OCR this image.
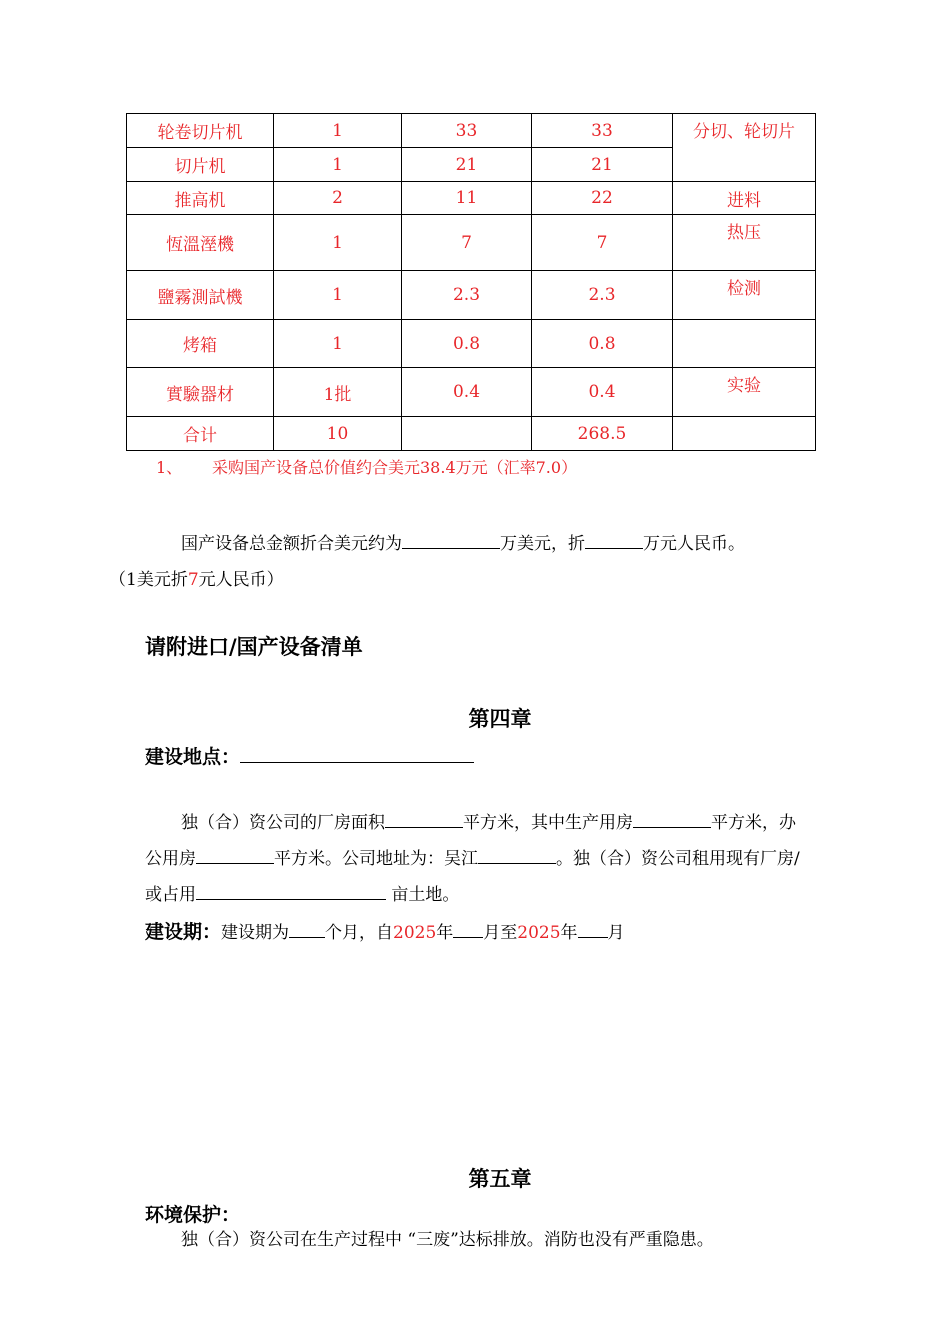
轮卷切片机	1	33	33	分切、轮切片
切片机	1	21	21	
推高机	2	11	22	进料
恆溫溼機	1	7	7	热压
鹽霧測試機	1	2.3	2.3	检测
烤箱	1	0.8	0.8	
實驗器材	1批	0.4	0.4	实验
合计	10		268.5	
1、 采购国产设备总价值约合美元38.4万元（汇率7.0）
国产设备总金额折合美元约为	万美元，折	万元人民币。
（1美元折7元人民币）
请附进口/国产设备清单
第四章
建设地点：
独（合）资公司的厂房面积	平方米，其中生产用房	平方米，办公用房	平方米。公司地址为：吴江	。独（合）资公司租用现有厂房/或占用	亩土地。
建设期：建设期为 个月，自2025年 月至2025年 月
第五章
环境保护：
独（合）资公司在生产过程中 “三废”达标排放。消防也没有严重隐患。
